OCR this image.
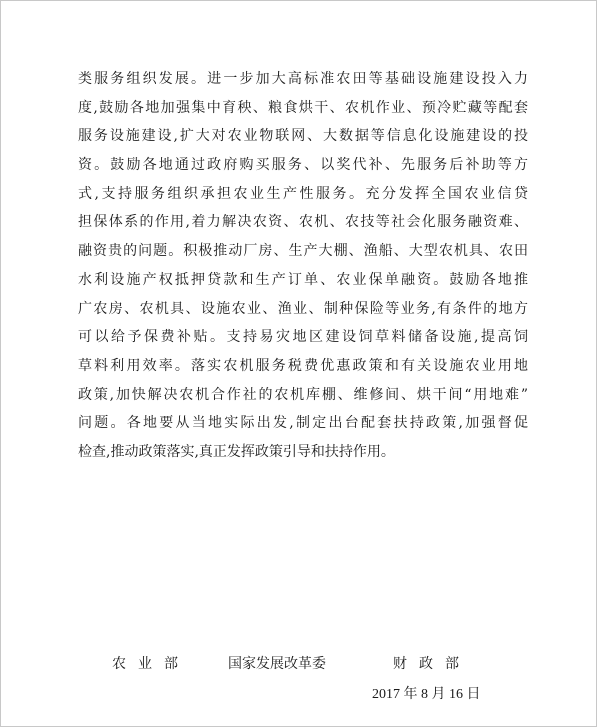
类服务组织发展。进一步加大高标准农田等基础设施建设投入力
度,鼓励各地加强集中育秧、粮食烘干、农机作业、预冷贮藏等配套
服务设施建设,扩大对农业物联网、大数据等信息化设施建设的投
资。鼓励各地通过政府购买服务、以奖代补、先服务后补助等方
式,支持服务组织承担农业生产性服务。充分发挥全国农业信贷
担保体系的作用,着力解决农资、农机、农技等社会化服务融资难、
融资贵的问题。积极推动厂房、生产大棚、渔船、大型农机具、农田
水利设施产权抵押贷款和生产订单、农业保单融资。鼓励各地推
广农房、农机具、设施农业、渔业、制种保险等业务,有条件的地方
可以给予保费补贴。支持易灾地区建设饲草料储备设施,提高饲
草料利用效率。落实农机服务税费优惠政策和有关设施农业用地
政策,加快解决农机合作社的农机库棚、维修间、烘干间“用地难”
问题。各地要从当地实际出发,制定出台配套扶持政策,加强督促
检查,推动政策落实,真正发挥政策引导和扶持作用。
农业部	国家发展改革委	财政部
2017 年 8 月 16 日
